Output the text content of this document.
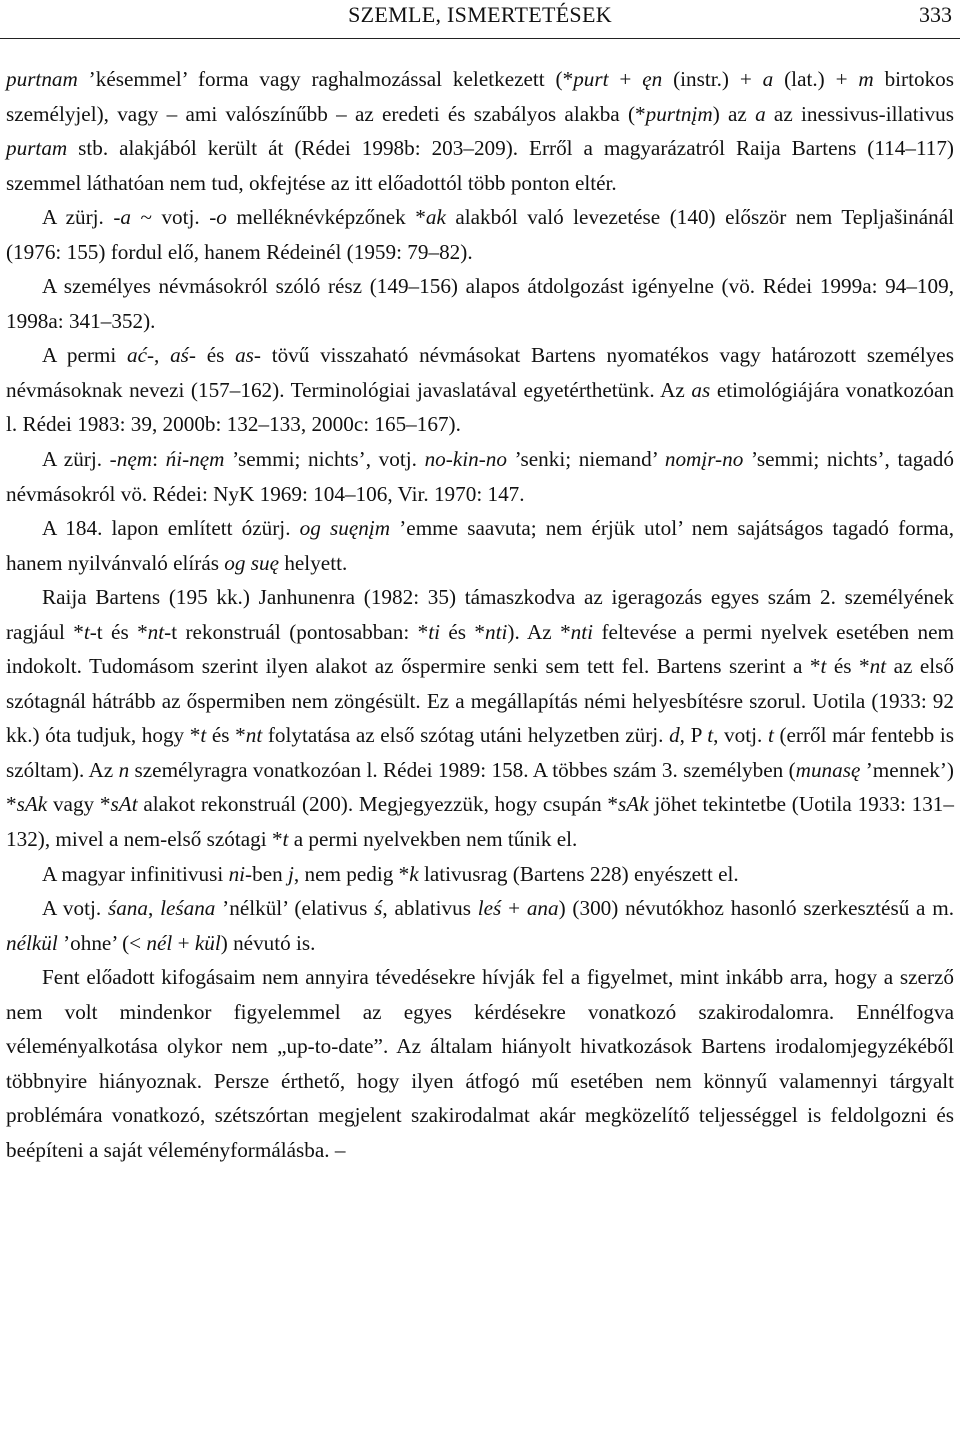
SZEMLE, ISMERTETÉSEK	333

purtnam ’késemmel’ forma vagy raghalmozással keletkezett (*purt + ęn (instr.) + a (lat.) + m birtokos személyjel), vagy – ami valószínűbb – az eredeti és szabályos alakba (*purtnįm) az a az inessivus-illativus purtam stb. alakjából került át (Rédei 1998b: 203–209). Erről a magyarázatról Raija Bartens (114–117) szemmel láthatóan nem tud, okfejtése az itt előadottól több ponton eltér.

A zürj. -a ~ votj. -o melléknévképzőnek *ak alakból való levezetése (140) először nem Tepljašinánál (1976: 155) fordul elő, hanem Rédeinél (1959: 79–82).

A személyes névmásokról szóló rész (149–156) alapos átdolgozást igényelne (vö. Rédei 1999a: 94–109, 1998a: 341–352).

A permi ać-, aś- és as- tövű visszaható névmásokat Bartens nyomatékos vagy határozott személyes névmásoknak nevezi (157–162). Terminológiai javaslatával egyetérthetünk. Az as etimológiájára vonatkozóan l. Rédei 1983: 39, 2000b: 132–133, 2000c: 165–167).

A zürj. -nęm: ńi-nęm ’semmi; nichts’, votj. no-kin-no ’senki; niemand’ nomįr-no ’semmi; nichts’, tagadó névmásokról vö. Rédei: NyK 1969: 104–106, Vir. 1970: 147.

A 184. lapon említett ózürj. og suęnįm ’emme saavuta; nem érjük utol’ nem sajátságos tagadó forma, hanem nyilvánvaló elírás og suę helyett.

Raija Bartens (195 kk.) Janhunenra (1982: 35) támaszkodva az igeragozás egyes szám 2. személyének ragjául *t-t és *nt-t rekonstruál (pontosabban: *ti és *nti). Az *nti feltevése a permi nyelvek esetében nem indokolt. Tudomásom szerint ilyen alakot az őspermire senki sem tett fel. Bartens szerint a *t és *nt az első szótagnál hátrább az őspermiben nem zöngésült. Ez a megállapítás némi helyesbítésre szorul. Uotila (1933: 92 kk.) óta tudjuk, hogy *t és *nt folytatása az első szótag utáni helyzetben zürj. d, P t, votj. t (erről már fentebb is szóltam). Az n személyragra vonatkozóan l. Rédei 1989: 158. A többes szám 3. személyben (munasę ’mennek’) *sAk vagy *sAt alakot rekonstruál (200). Megjegyezzük, hogy csupán *sAk jöhet tekintetbe (Uotila 1933: 131–132), mivel a nem-első szótagi *t a permi nyelvekben nem tűnik el.

A magyar infinitivusi ni-ben j, nem pedig *k lativusrag (Bartens 228) enyészett el.

A votj. śana, leśana ’nélkül’ (elativus ś, ablativus leś + ana) (300) névutókhoz hasonló szerkesztésű a m. nélkül ’ohne’ (< nél + kül) névutó is.

Fent előadott kifogásaim nem annyira tévedésekre hívják fel a figyelmet, mint inkább arra, hogy a szerző nem volt mindenkor figyelemmel az egyes kérdésekre vonatkozó szakirodalomra. Ennélfogva véleményalkotása olykor nem „up-to-date”. Az általam hiányolt hivatkozások Bartens irodalomjegyzékéből többnyire hiányoznak. Persze érthető, hogy ilyen átfogó mű esetében nem könnyű valamennyi tárgyalt problémára vonatkozó, szétszórtan megjelent szakirodalmat akár megközelítő teljességgel is feldolgozni és beépíteni a saját véleményformálásba. –
